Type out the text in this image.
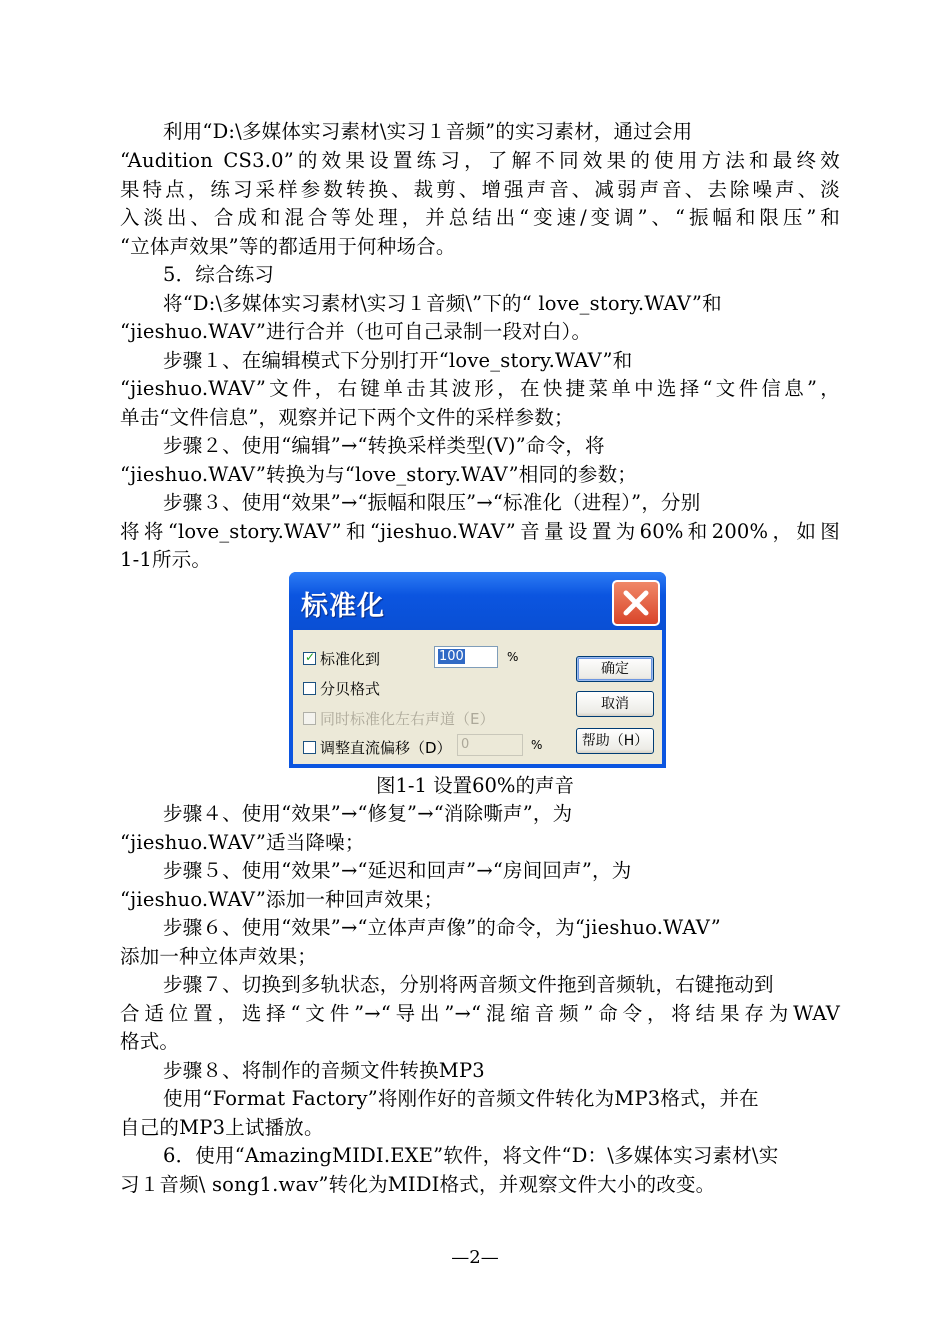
利用“D:\多媒体实习素材\实习１音频”的实习素材，通过会用
“Audition CS3.0”的效果设置练习，了解不同效果的使用方法和最终效
果特点，练习采样参数转换、裁剪、增强声音、减弱声音、去除噪声、淡
入淡出、合成和混合等处理，并总结出“变速/变调”、“振幅和限压”和
“立体声效果”等的都适用于何种场合。
5．综合练习
将“D:\多媒体实习素材\实习１音频\”下的“ love_story.WAV”和
“jieshuo.WAV”进行合并（也可自己录制一段对白）。
步骤１、在编辑模式下分别打开“love_story.WAV”和
“jieshuo.WAV”文件，右键单击其波形，在快捷菜单中选择“文件信息”，
单击“文件信息”，观察并记下两个文件的采样参数；
步骤２、使用“编辑”→“转换采样类型(V)”命令，将
“jieshuo.WAV”转换为与“love_story.WAV”相同的参数；
步骤３、使用“效果”→“振幅和限压”→“标准化（进程）”，分别
将将“love_story.WAV”和“jieshuo.WAV”音量设置为60%和200%，如图
1-1所示。
标准化
✓ 标准化到	100	%
分贝格式
同时标准化左右声道（E）
调整直流偏移（D） 0	%
确定
取消
帮助（H）
图1-1 设置60%的声音
步骤４、使用“效果”→“修复”→“消除嘶声”，为
“jieshuo.WAV”适当降噪；
步骤５、使用“效果”→“延迟和回声”→“房间回声”，为
“jieshuo.WAV”添加一种回声效果；
步骤６、使用“效果”→“立体声声像”的命令，为“jieshuo.WAV”
添加一种立体声效果；
步骤７、切换到多轨状态，分别将两音频文件拖到音频轨，右键拖动到
合适位置，选择“文件”→“导出”→“混缩音频”命令，将结果存为WAV
格式。
步骤８、将制作的音频文件转换MP3
使用“Format Factory”将刚作好的音频文件转化为MP3格式，并在
自己的MP3上试播放。
6．使用“AmazingMIDI.EXE”软件，将文件“D：\多媒体实习素材\实
习１音频\ song1.wav”转化为MIDI格式，并观察文件大小的改变。
—2—
